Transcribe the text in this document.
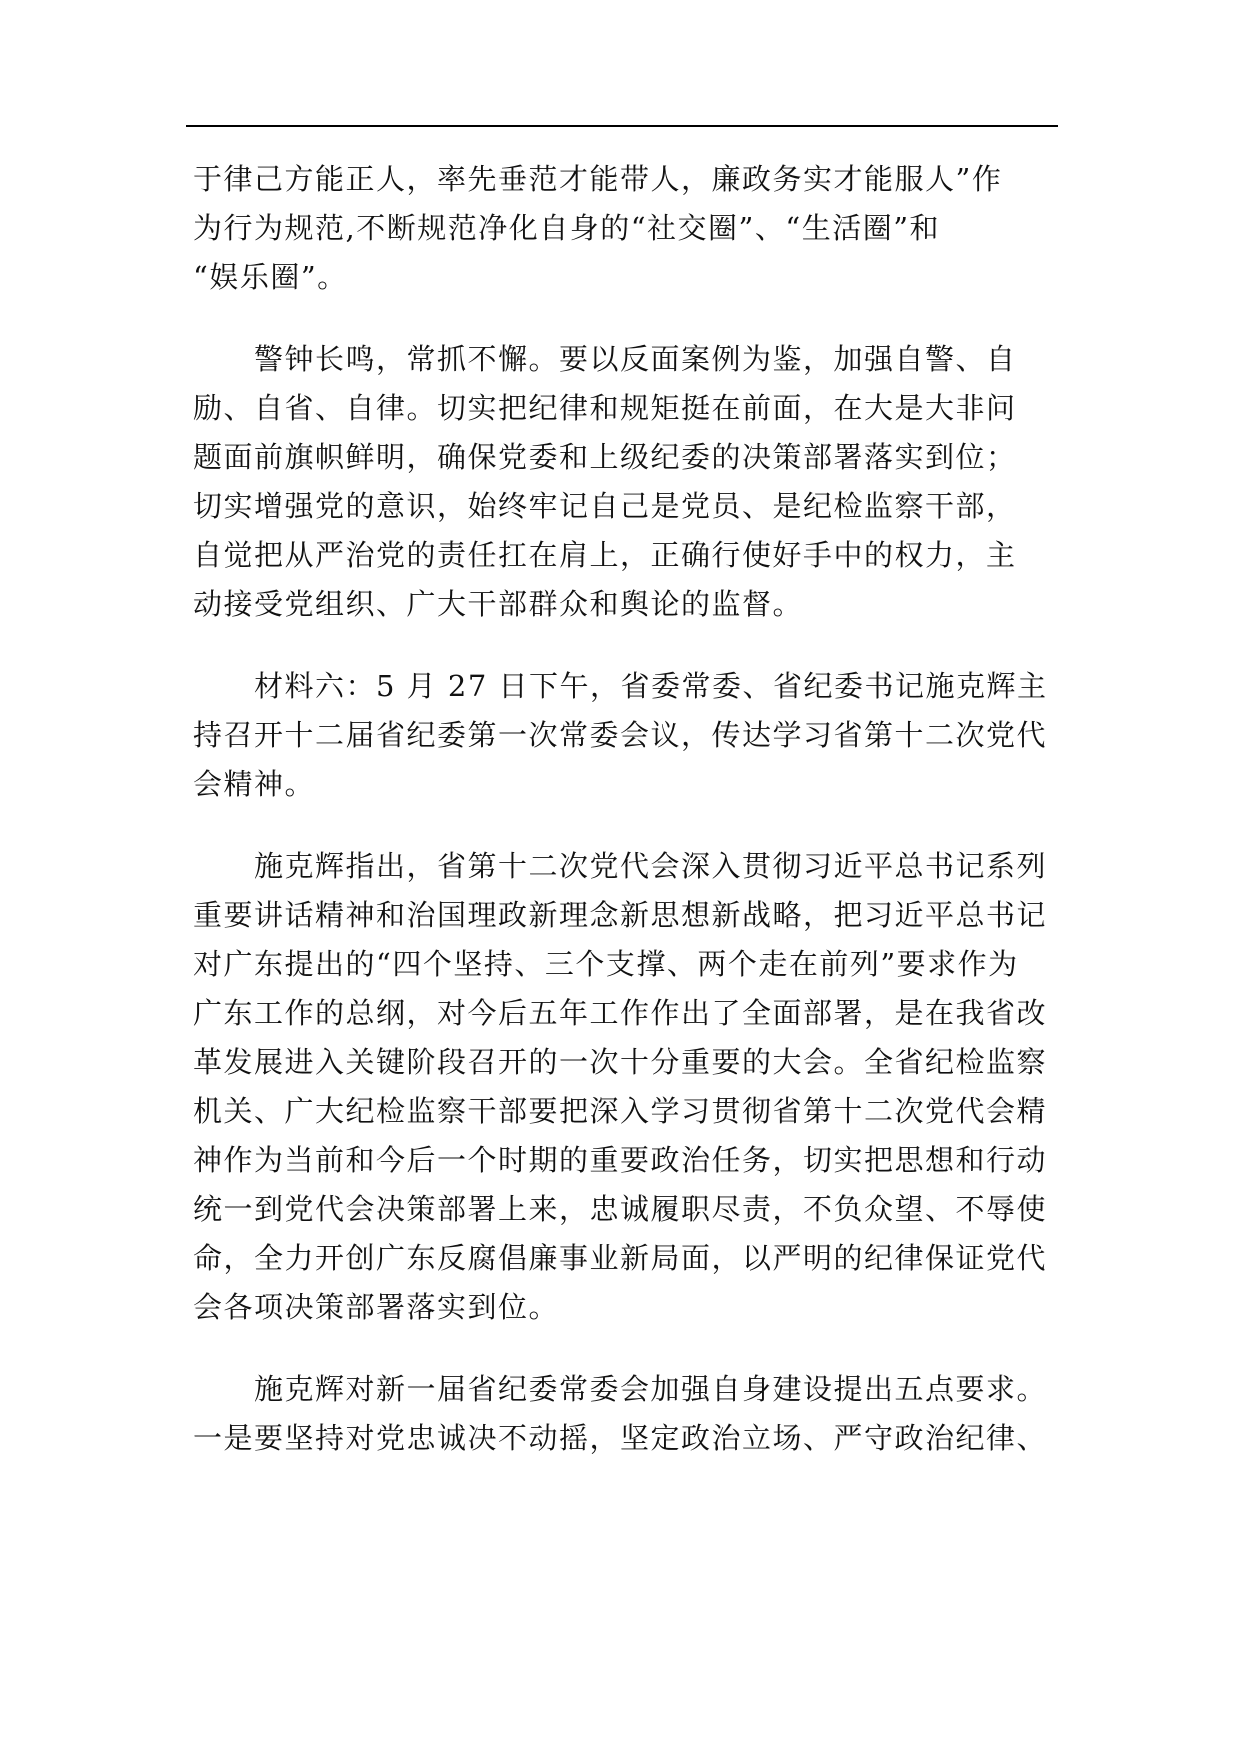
于律己方能正人，率先垂范才能带人，廉政务实才能服人”作
为行为规范,不断规范净化自身的“社交圈”、“生活圈”和
“娱乐圈”。
　　警钟长鸣，常抓不懈。要以反面案例为鉴，加强自警、自
励、自省、自律。切实把纪律和规矩挺在前面，在大是大非问
题面前旗帜鲜明，确保党委和上级纪委的决策部署落实到位；
切实增强党的意识，始终牢记自己是党员、是纪检监察干部，
自觉把从严治党的责任扛在肩上，正确行使好手中的权力，主
动接受党组织、广大干部群众和舆论的监督。
　　材料六：5 月 27 日下午，省委常委、省纪委书记施克辉主
持召开十二届省纪委第一次常委会议，传达学习省第十二次党代
会精神。
　　施克辉指出，省第十二次党代会深入贯彻习近平总书记系列
重要讲话精神和治国理政新理念新思想新战略，把习近平总书记
对广东提出的“四个坚持、三个支撑、两个走在前列”要求作为
广东工作的总纲，对今后五年工作作出了全面部署，是在我省改
革发展进入关键阶段召开的一次十分重要的大会。全省纪检监察
机关、广大纪检监察干部要把深入学习贯彻省第十二次党代会精
神作为当前和今后一个时期的重要政治任务，切实把思想和行动
统一到党代会决策部署上来，忠诚履职尽责，不负众望、不辱使
命，全力开创广东反腐倡廉事业新局面，以严明的纪律保证党代
会各项决策部署落实到位。
　　施克辉对新一届省纪委常委会加强自身建设提出五点要求。
一是要坚持对党忠诚决不动摇，坚定政治立场、严守政治纪律、
